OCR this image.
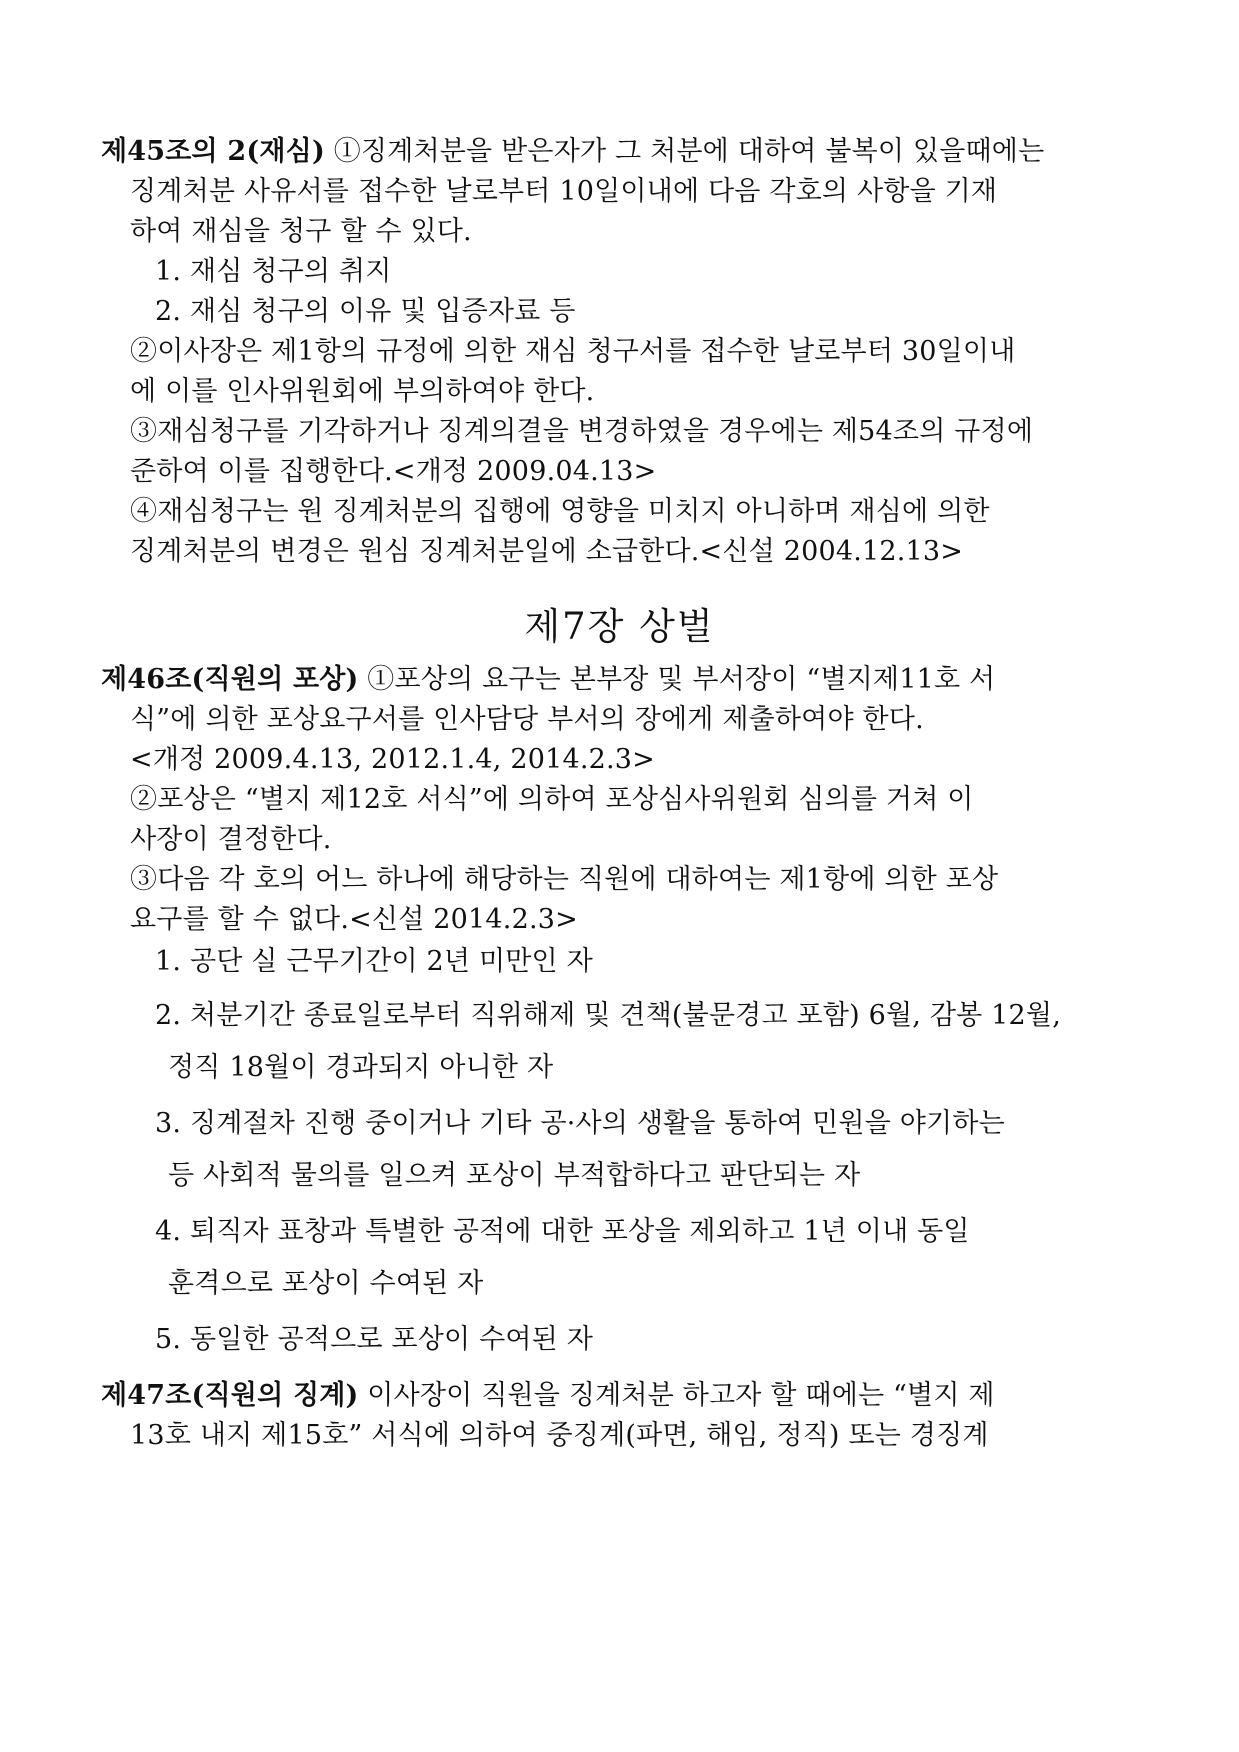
제45조의 2(재심) ①징계처분을 받은자가 그 처분에 대하여 불복이 있을때에는
징계처분 사유서를 접수한 날로부터 10일이내에 다음 각호의 사항을 기재
하여 재심을 청구 할 수 있다.
1. 재심 청구의 취지
2. 재심 청구의 이유 및 입증자료 등
②이사장은 제1항의 규정에 의한 재심 청구서를 접수한 날로부터 30일이내
에 이를 인사위원회에 부의하여야 한다.
③재심청구를 기각하거나 징계의결을 변경하였을 경우에는 제54조의 규정에
준하여 이를 집행한다.<개정 2009.04.13>
④재심청구는 원 징계처분의 집행에 영향을 미치지 아니하며 재심에 의한
징계처분의 변경은 원심 징계처분일에 소급한다.<신설 2004.12.13>
제7장 상벌
제46조(직원의 포상) ①포상의 요구는 본부장 및 부서장이 “별지제11호 서
식”에 의한 포상요구서를 인사담당 부서의 장에게 제출하여야 한다.
<개정 2009.4.13, 2012.1.4, 2014.2.3>
②포상은 “별지 제12호 서식”에 의하여 포상심사위원회 심의를 거쳐 이
사장이 결정한다.
③다음 각 호의 어느 하나에 해당하는 직원에 대하여는 제1항에 의한 포상
요구를 할 수 없다.<신설 2014.2.3>
1. 공단 실 근무기간이 2년 미만인 자
2. 처분기간 종료일로부터 직위해제 및 견책(불문경고 포함) 6월, 감봉 12월,
정직 18월이 경과되지 아니한 자
3. 징계절차 진행 중이거나 기타 공·사의 생활을 통하여 민원을 야기하는
등 사회적 물의를 일으켜 포상이 부적합하다고 판단되는 자
4. 퇴직자 표창과 특별한 공적에 대한 포상을 제외하고 1년 이내 동일
훈격으로 포상이 수여된 자
5. 동일한 공적으로 포상이 수여된 자
제47조(직원의 징계) 이사장이 직원을 징계처분 하고자 할 때에는 “별지 제
13호 내지 제15호” 서식에 의하여 중징계(파면, 해임, 정직) 또는 경징계
